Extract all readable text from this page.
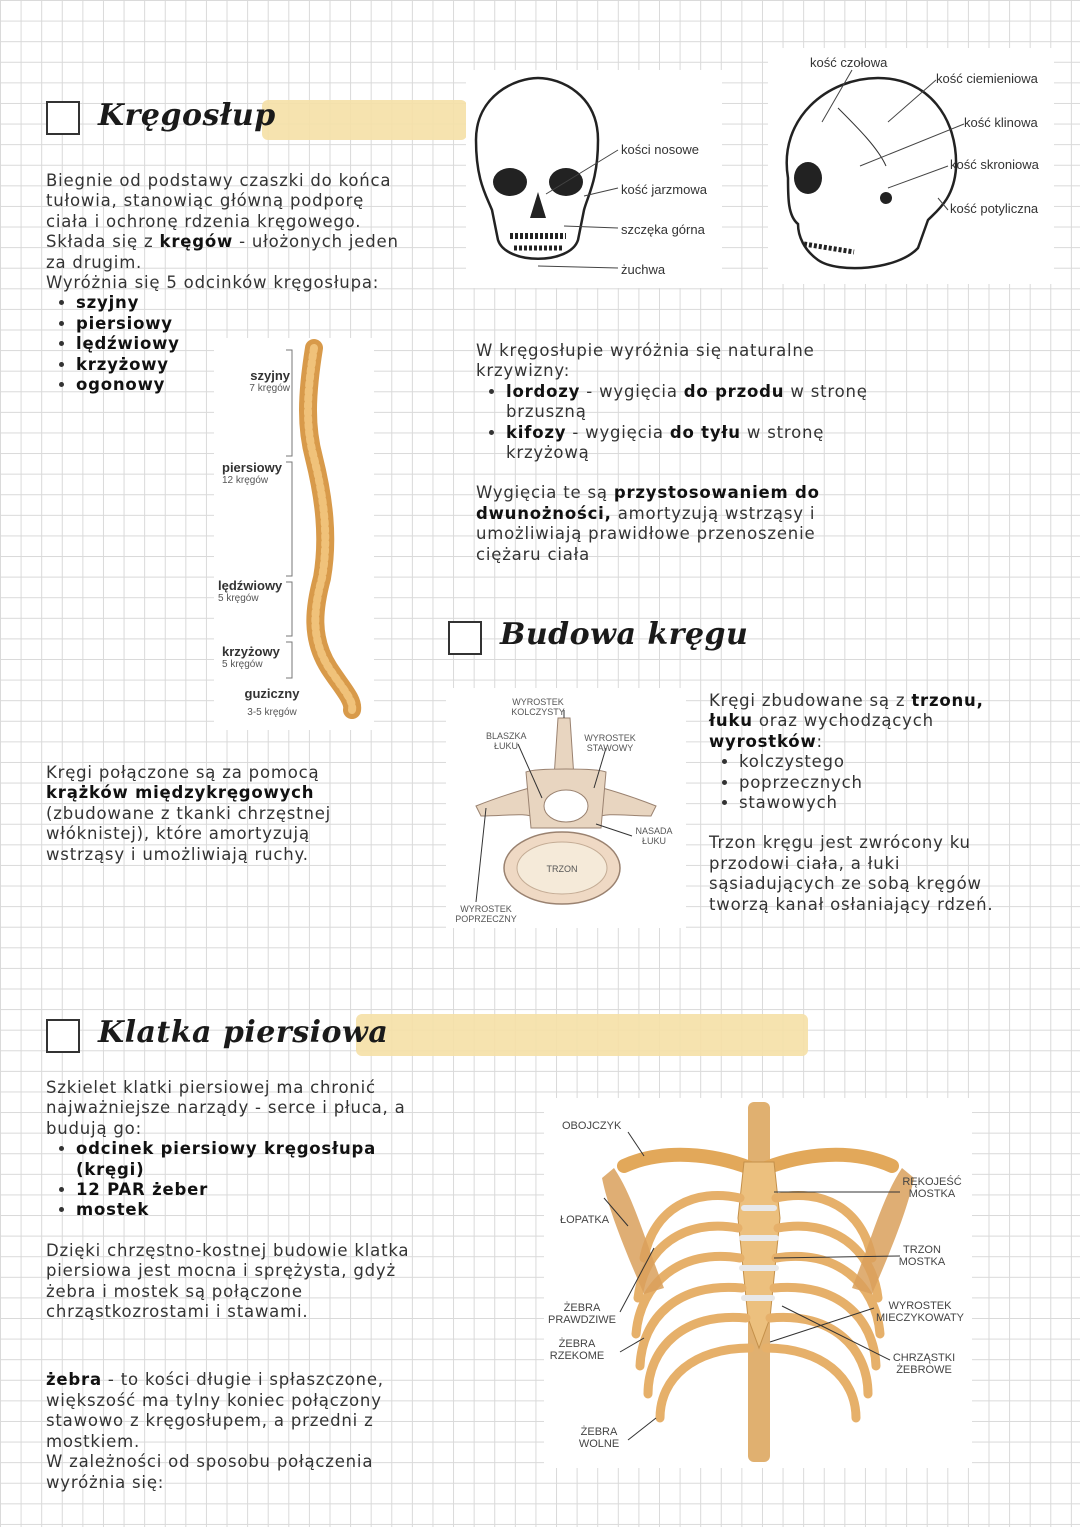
Kręgosłup
Biegnie od podstawy czaszki do końca tułowia, stanowiąc główną podporę ciała i ochronę rdzenia kręgowego.
Składa się z kręgów - ułożonych jeden za drugim.
Wyróżnia się 5 odcinków kręgosłupa:
• szyjny
• piersiowy
• lędźwiowy
• krzyżowy
• ogonowy	szyjny
7 kręgów
piersiowy
12 kręgów
lędźwiowy
5 kręgów
krzyżowy
5 kręgów
guziczny
3-5 kręgów
Kręgi połączone są za pomocą krążków międzykręgowych (zbudowane z tkanki chrzęstnej włóknistej), które amortyzują wstrząsy i umożliwiają ruchy.
kości nosowe
kość jarzmowa
szczęka górna
żuchwa
kość czołowa
kość ciemieniowa
kość klinowa
kość skroniowa
kość potyliczna
W kręgosłupie wyróżnia się naturalne krzywizny:
• lordozy - wygięcia do przodu w stronę brzuszną
• kifozy - wygięcia do tyłu w stronę krzyżową
Wygięcia te są przystosowaniem do dwunożności, amortyzują wstrząsy i umożliwiają prawidłowe przenoszenie ciężaru ciała
Budowa kręgu
WYROSTEK KOLCZYSTY
BLASZKA ŁUKU
WYROSTEK STAWOWY
NASADA ŁUKU
TRZON
WYROSTEK POPRZECZNY
Kręgi zbudowane są z trzonu, łuku oraz wychodzących wyrostków:
• kolczystego
• poprzecznych
• stawowych
Trzon kręgu jest zwrócony ku przodowi ciała, a łuki sąsiadujących ze sobą kręgów tworzą kanał osłaniający rdzeń.
Klatka piersiowa
Szkielet klatki piersiowej ma chronić najważniejsze narządy - serce i płuca, a budują go:
• odcinek piersiowy kręgosłupa (kręgi)
• 12 PAR żeber
• mostek
Dzięki chrzęstno-kostnej budowie klatka piersiowa jest mocna i sprężysta, gdyż żebra i mostek są połączone chrząstkozrostami i stawami.
żebra - to kości długie i spłaszczone, większość ma tylny koniec połączony stawowo z kręgosłupem, a przedni z mostkiem.
W zależności od sposobu połączenia wyróżnia się:
OBOJCZYK
ŁOPATKA
ŻEBRA PRAWDZIWE
ŻEBRA RZEKOME
ŻEBRA WOLNE
RĘKOJEŚĆ MOSTKA
TRZON MOSTKA
WYROSTEK MIECZYKOWATY
CHRZĄSTKI ŻEBROWE
